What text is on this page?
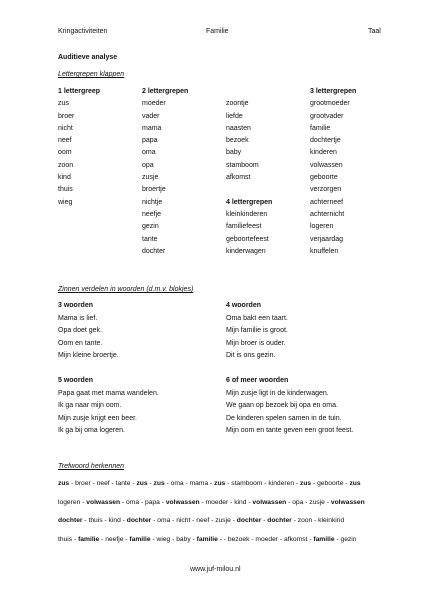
Kringactiviteiten	Familie	Taal
Auditieve analyse
Lettergrepen klappen
1 lettergreep
zus
broer
nicht
neef
oom
zoon
kind
thuis
wieg
2 lettergrepen
moeder
vader
mama
papa
oma
opa
zusje
broertje
nichtje
neefje
gezin
tante
dochter
zoontje
liefde
naasten
bezoek
baby
stamboom
afkomst
4 lettergrepen
kleinkinderen
familiefeest
geboortefeest
kinderwagen
3 lettergrepen
grootmoeder
grootvader
familie
dochtertje
kinderen
volwassen
geboorte
verzorgen
achterneef
achternicht
logeren
verjaardag
knuffelen
Zinnen verdelen in woorden (d.m.v. blokjes)
3 woorden
Mama is lief.
Opa doet gek.
Oom en tante.
Mijn kleine broertje.
4 woorden
Oma bakt een taart.
Mijn familie is groot.
Mijn broer is ouder.
Dit is ons gezin.
5 woorden
Papa gaat met mama wandelen.
Ik ga naar mijn oom.
Mijn zusje krijgt een beer.
Ik ga bij oma logeren.
6 of meer woorden
Mijn zusje ligt in de kinderwagen.
We gaan op bezoek bij opa en oma.
De kinderen spelen samen in de tuin.
Mijn oom en tante geven een groot feest.
Trefwoord herkennen
zus - broer - neef - tante - zus - zus - oma - mama - zus - stamboom - kinderen - zus - geboorte - zus
logeren - volwassen - oma - papa - volwassen - moeder - kind - volwassen - opa - zusje - volwassen
dochter - thuis - kind - dochter - oma - nicht - neef - zusje - dochter - dochter - zoon - kleinkind
thuis - familie - neefje - familie - wieg - baby - familie - - bezoek - moeder - afkomst - familie - gezin
www.juf-milou.nl
